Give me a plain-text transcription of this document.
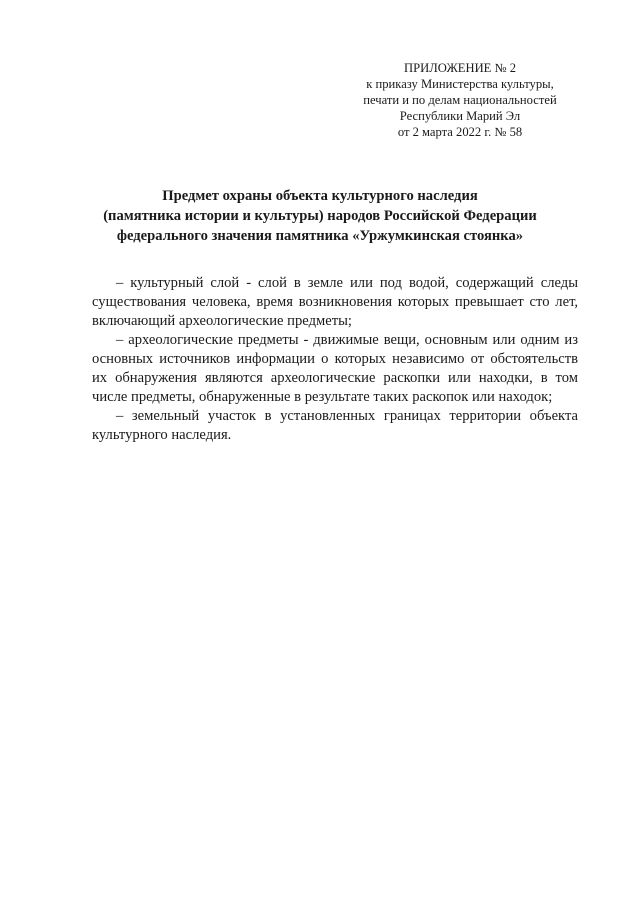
ПРИЛОЖЕНИЕ № 2
к приказу Министерства культуры,
печати и по делам национальностей
Республики Марий Эл
от 2 марта 2022 г. № 58
Предмет охраны объекта культурного наследия
(памятника истории и культуры) народов Российской Федерации
федерального значения памятника «Уржумкинская стоянка»

– культурный слой - слой в земле или под водой, содержащий следы существования человека, время возникновения которых превышает сто лет, включающий археологические предметы;

– археологические предметы - движимые вещи, основным или одним из основных источников информации о которых независимо от обстоятельств их обнаружения являются археологические раскопки или находки, в том числе предметы, обнаруженные в результате таких раскопок или находок;

– земельный участок в установленных границах территории объекта культурного наследия.
